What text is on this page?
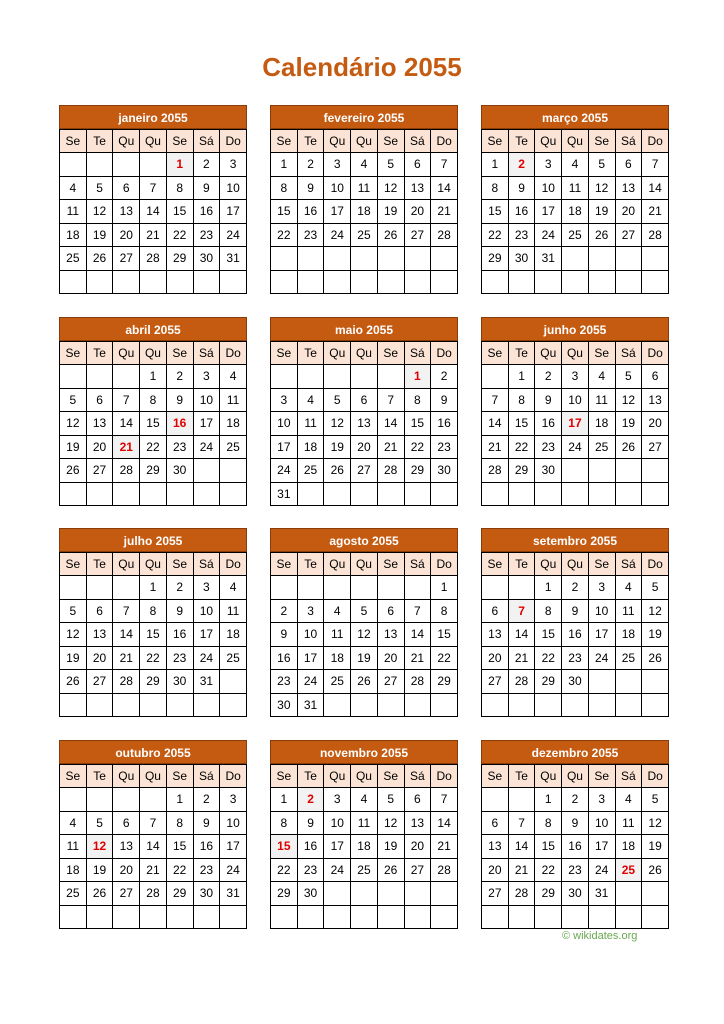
Calendário 2055
janeiro 2055
Se	Te	Qu	Qu	Se	Sá	Do
				1	2	3
4	5	6	7	8	9	10
11	12	13	14	15	16	17
18	19	20	21	22	23	24
25	26	27	28	29	30	31

fevereiro 2055
Se	Te	Qu	Qu	Se	Sá	Do
1	2	3	4	5	6	7
8	9	10	11	12	13	14
15	16	17	18	19	20	21
22	23	24	25	26	27	28

março 2055
Se	Te	Qu	Qu	Se	Sá	Do
1	2	3	4	5	6	7
8	9	10	11	12	13	14
15	16	17	18	19	20	21
22	23	24	25	26	27	28
29	30	31				

abril 2055
Se	Te	Qu	Qu	Se	Sá	Do
			1	2	3	4
5	6	7	8	9	10	11
12	13	14	15	16	17	18
19	20	21	22	23	24	25
26	27	28	29	30		

maio 2055
Se	Te	Qu	Qu	Se	Sá	Do
					1	2
3	4	5	6	7	8	9
10	11	12	13	14	15	16
17	18	19	20	21	22	23
24	25	26	27	28	29	30
31						
junho 2055
Se	Te	Qu	Qu	Se	Sá	Do
	1	2	3	4	5	6
7	8	9	10	11	12	13
14	15	16	17	18	19	20
21	22	23	24	25	26	27
28	29	30				

julho 2055
Se	Te	Qu	Qu	Se	Sá	Do
			1	2	3	4
5	6	7	8	9	10	11
12	13	14	15	16	17	18
19	20	21	22	23	24	25
26	27	28	29	30	31	

agosto 2055
Se	Te	Qu	Qu	Se	Sá	Do
						1
2	3	4	5	6	7	8
9	10	11	12	13	14	15
16	17	18	19	20	21	22
23	24	25	26	27	28	29
30	31					
setembro 2055
Se	Te	Qu	Qu	Se	Sá	Do
		1	2	3	4	5
6	7	8	9	10	11	12
13	14	15	16	17	18	19
20	21	22	23	24	25	26
27	28	29	30			

outubro 2055
Se	Te	Qu	Qu	Se	Sá	Do
				1	2	3
4	5	6	7	8	9	10
11	12	13	14	15	16	17
18	19	20	21	22	23	24
25	26	27	28	29	30	31

novembro 2055
Se	Te	Qu	Qu	Se	Sá	Do
1	2	3	4	5	6	7
8	9	10	11	12	13	14
15	16	17	18	19	20	21
22	23	24	25	26	27	28
29	30					

dezembro 2055
Se	Te	Qu	Qu	Se	Sá	Do
		1	2	3	4	5
6	7	8	9	10	11	12
13	14	15	16	17	18	19
20	21	22	23	24	25	26
27	28	29	30	31		

© wikidates.org
